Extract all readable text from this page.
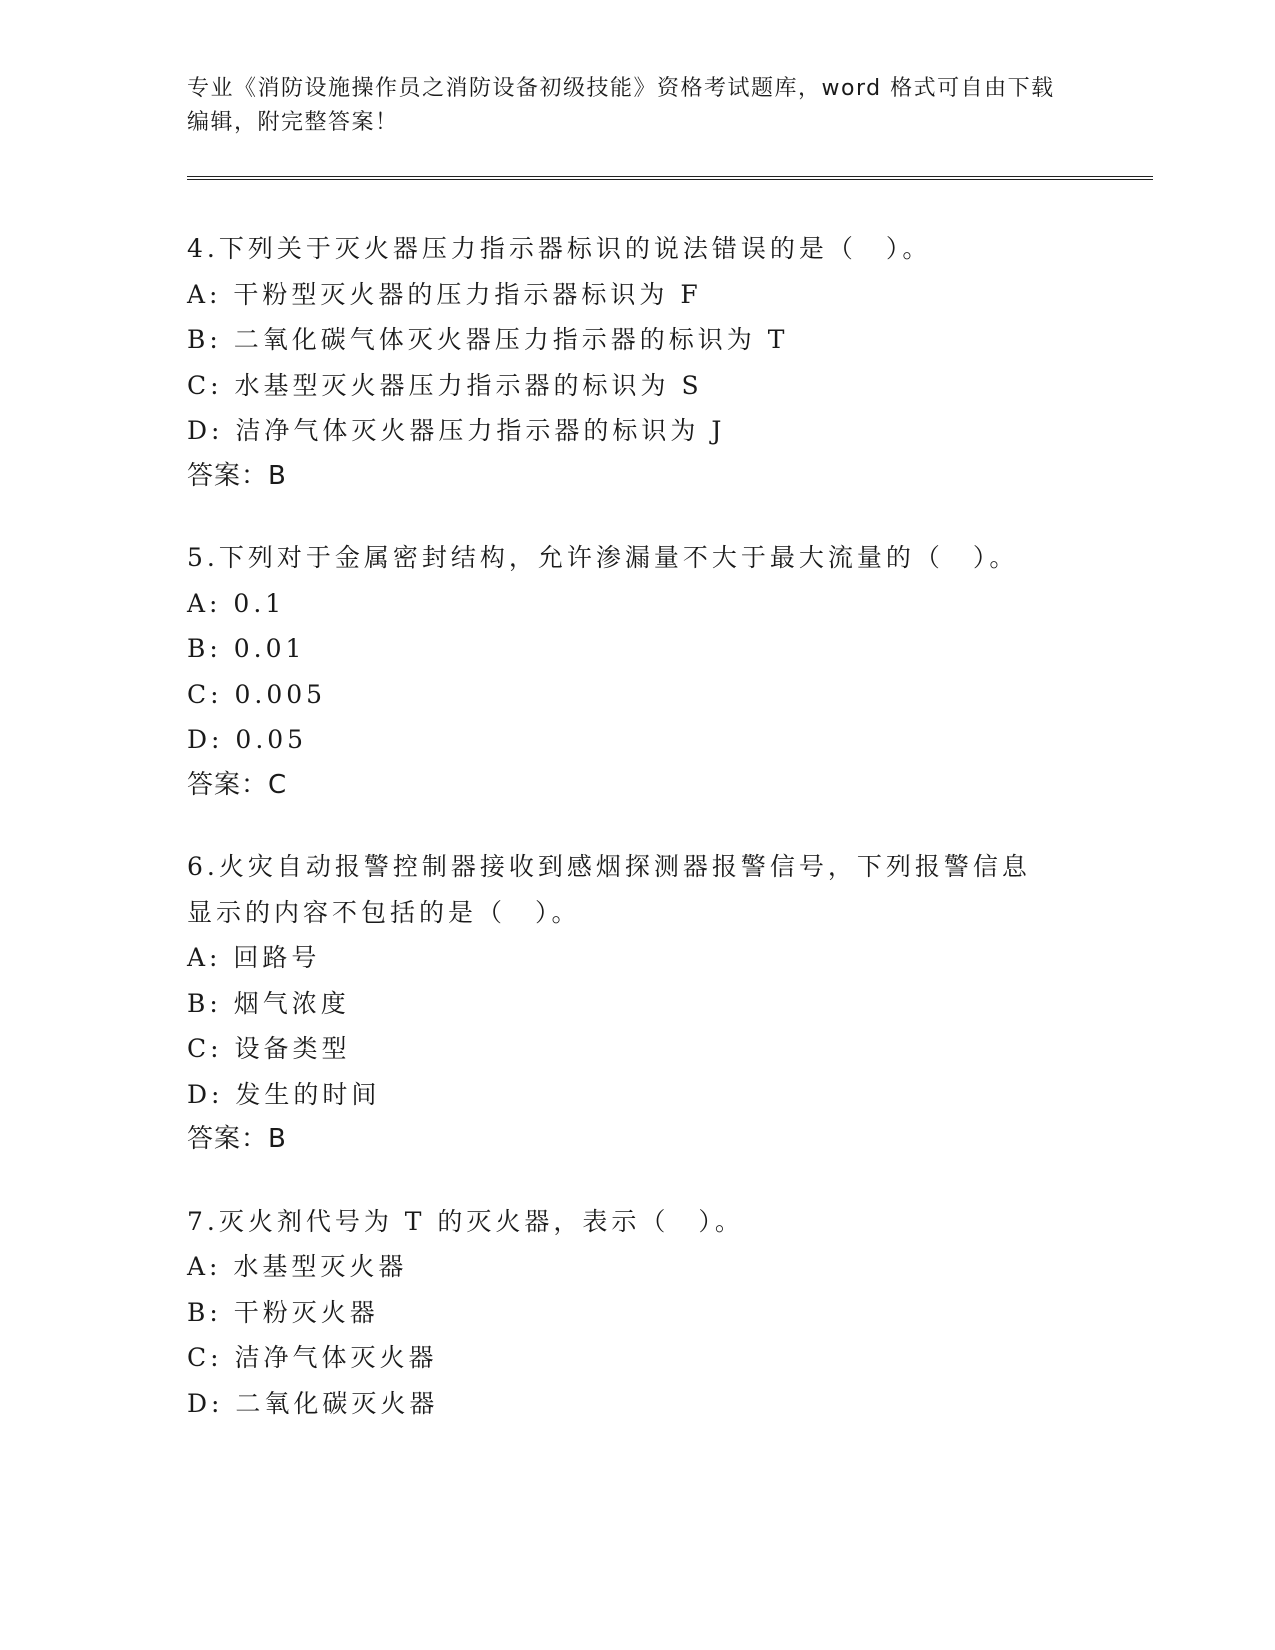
专业《消防设施操作员之消防设备初级技能》资格考试题库，word 格式可自由下载编辑，附完整答案！
4.下列关于灭火器压力指示器标识的说法错误的是（　）。
A: 干粉型灭火器的压力指示器标识为 F
B: 二氧化碳气体灭火器压力指示器的标识为 T
C: 水基型灭火器压力指示器的标识为 S
D: 洁净气体灭火器压力指示器的标识为 J
答案：B
5.下列对于金属密封结构，允许渗漏量不大于最大流量的（　）。
A: 0.1
B: 0.01
C: 0.005
D: 0.05
答案：C
6.火灾自动报警控制器接收到感烟探测器报警信号，下列报警信息显示的内容不包括的是（　）。
A: 回路号
B: 烟气浓度
C: 设备类型
D: 发生的时间
答案：B
7.灭火剂代号为 T 的灭火器，表示（　）。
A: 水基型灭火器
B: 干粉灭火器
C: 洁净气体灭火器
D: 二氧化碳灭火器
